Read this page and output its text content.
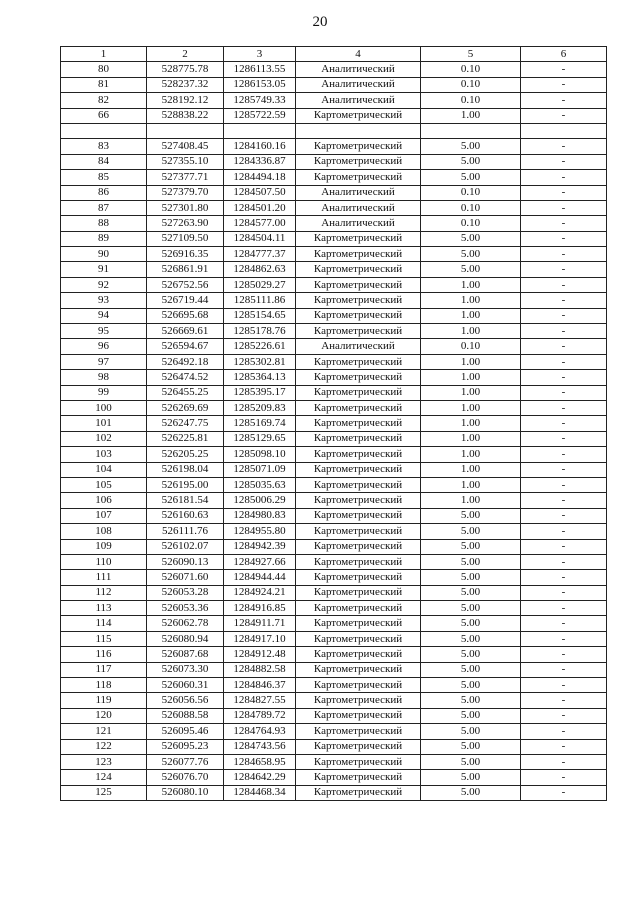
20
1	2	3	4	5	6
80	528775.78	1286113.55	Аналитический	0.10	-
81	528237.32	1286153.05	Аналитический	0.10	-
82	528192.12	1285749.33	Аналитический	0.10	-
66	528838.22	1285722.59	Картометрический	1.00	-

83	527408.45	1284160.16	Картометрический	5.00	-
84	527355.10	1284336.87	Картометрический	5.00	-
85	527377.71	1284494.18	Картометрический	5.00	-
86	527379.70	1284507.50	Аналитический	0.10	-
87	527301.80	1284501.20	Аналитический	0.10	-
88	527263.90	1284577.00	Аналитический	0.10	-
89	527109.50	1284504.11	Картометрический	5.00	-
90	526916.35	1284777.37	Картометрический	5.00	-
91	526861.91	1284862.63	Картометрический	5.00	-
92	526752.56	1285029.27	Картометрический	1.00	-
93	526719.44	1285111.86	Картометрический	1.00	-
94	526695.68	1285154.65	Картометрический	1.00	-
95	526669.61	1285178.76	Картометрический	1.00	-
96	526594.67	1285226.61	Аналитический	0.10	-
97	526492.18	1285302.81	Картометрический	1.00	-
98	526474.52	1285364.13	Картометрический	1.00	-
99	526455.25	1285395.17	Картометрический	1.00	-
100	526269.69	1285209.83	Картометрический	1.00	-
101	526247.75	1285169.74	Картометрический	1.00	-
102	526225.81	1285129.65	Картометрический	1.00	-
103	526205.25	1285098.10	Картометрический	1.00	-
104	526198.04	1285071.09	Картометрический	1.00	-
105	526195.00	1285035.63	Картометрический	1.00	-
106	526181.54	1285006.29	Картометрический	1.00	-
107	526160.63	1284980.83	Картометрический	5.00	-
108	526111.76	1284955.80	Картометрический	5.00	-
109	526102.07	1284942.39	Картометрический	5.00	-
110	526090.13	1284927.66	Картометрический	5.00	-
111	526071.60	1284944.44	Картометрический	5.00	-
112	526053.28	1284924.21	Картометрический	5.00	-
113	526053.36	1284916.85	Картометрический	5.00	-
114	526062.78	1284911.71	Картометрический	5.00	-
115	526080.94	1284917.10	Картометрический	5.00	-
116	526087.68	1284912.48	Картометрический	5.00	-
117	526073.30	1284882.58	Картометрический	5.00	-
118	526060.31	1284846.37	Картометрический	5.00	-
119	526056.56	1284827.55	Картометрический	5.00	-
120	526088.58	1284789.72	Картометрический	5.00	-
121	526095.46	1284764.93	Картометрический	5.00	-
122	526095.23	1284743.56	Картометрический	5.00	-
123	526077.76	1284658.95	Картометрический	5.00	-
124	526076.70	1284642.29	Картометрический	5.00	-
125	526080.10	1284468.34	Картометрический	5.00	-
